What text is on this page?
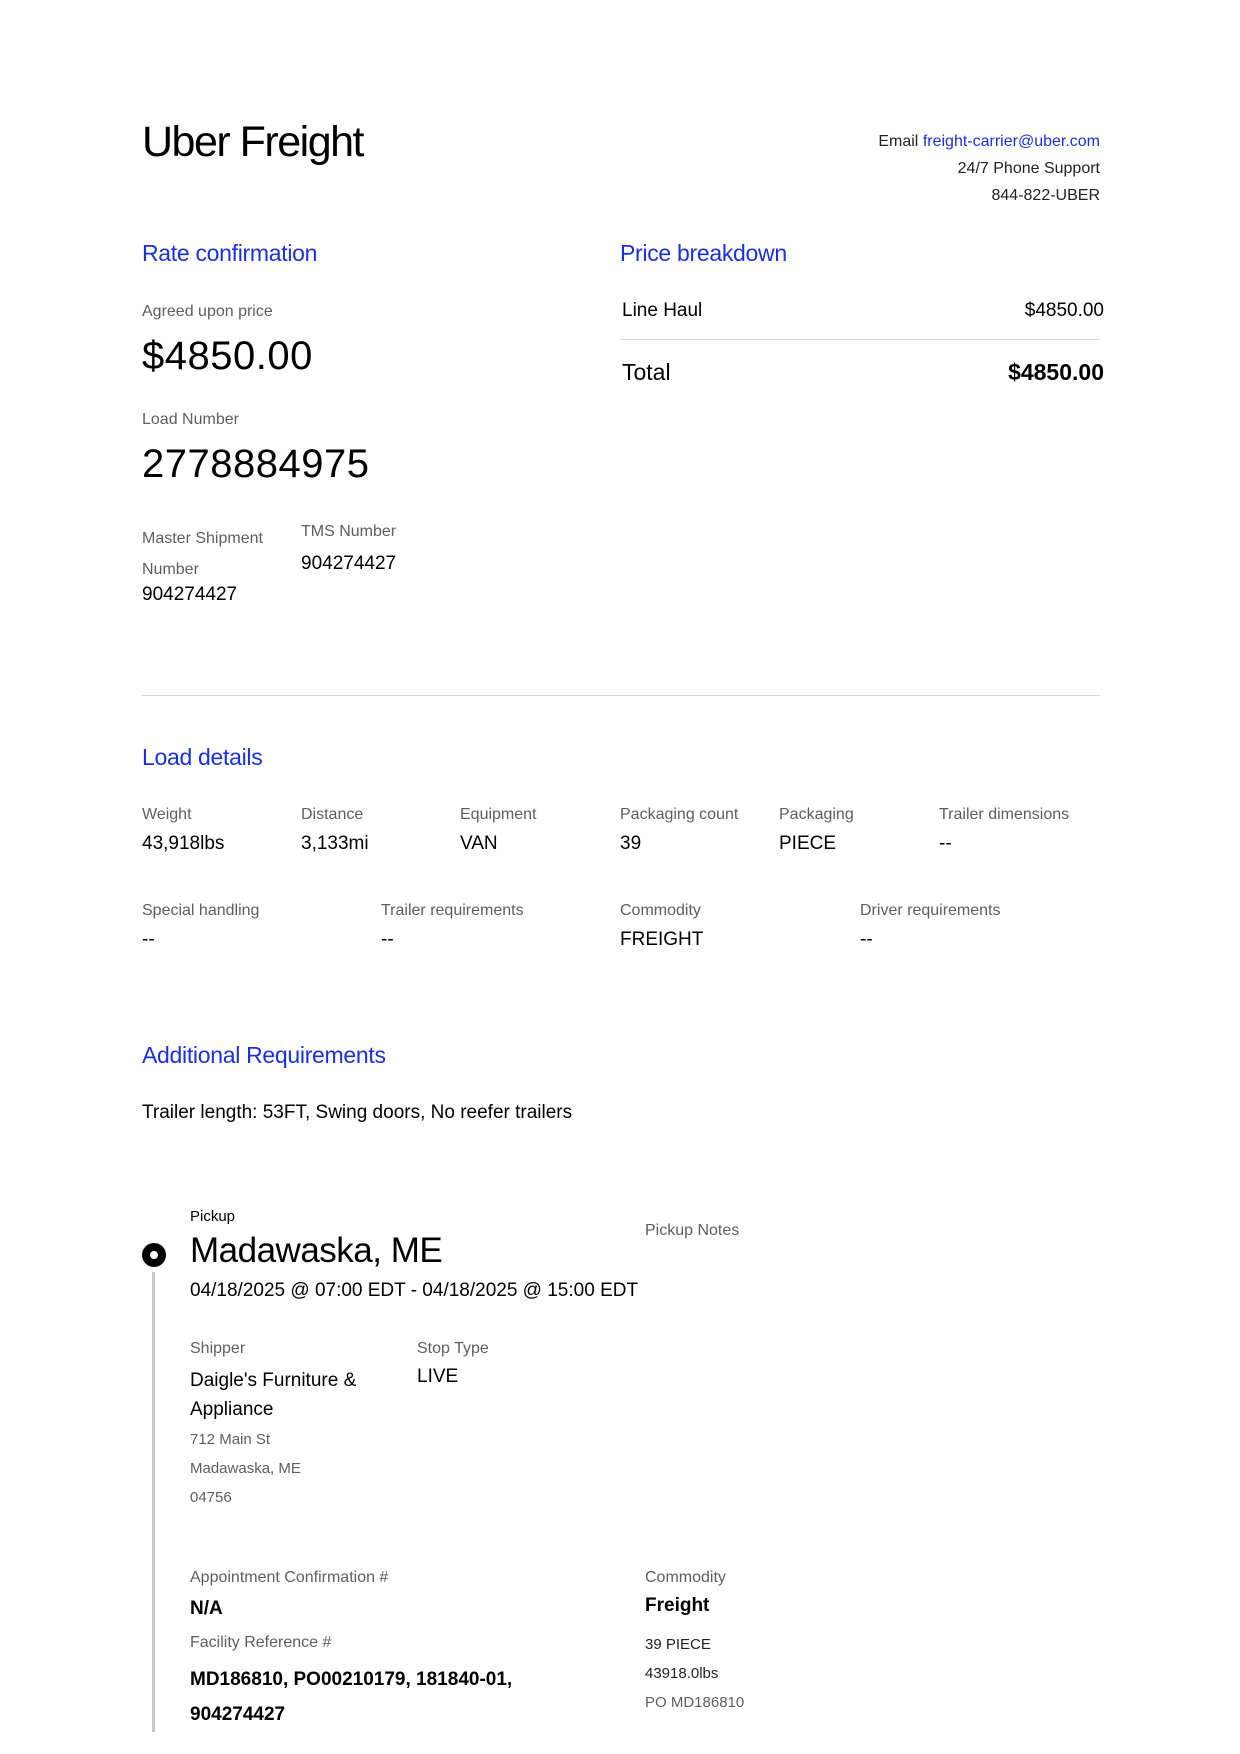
Uber Freight	Email freight-carrier@uber.com
24/7 Phone Support
844-822-UBER
Rate confirmation
Agreed upon price
$4850.00
Load Number
2778884975
Master Shipment
Number
904274427
TMS Number
904274427
Price breakdown
Line Haul	$4850.00
Total	$4850.00
Load details
Weight
43,918lbs
Distance
3,133mi
Equipment
VAN
Packaging count
39
Packaging
PIECE
Trailer dimensions
--
Special handling
--
Trailer requirements
--
Commodity
FREIGHT
Driver requirements
--
Additional Requirements
Trailer length: 53FT, Swing doors, No reefer trailers
Pickup
Madawaska, ME
04/18/2025 @ 07:00 EDT - 04/18/2025 @ 15:00 EDT
Pickup Notes
Shipper
Daigle's Furniture &
Appliance
712 Main St
Madawaska, ME
04756
Stop Type
LIVE
Appointment Confirmation #
N/A
Facility Reference #
MD186810, PO00210179, 181840-01,
904274427
Commodity
Freight
39 PIECE
43918.0lbs
PO MD186810
